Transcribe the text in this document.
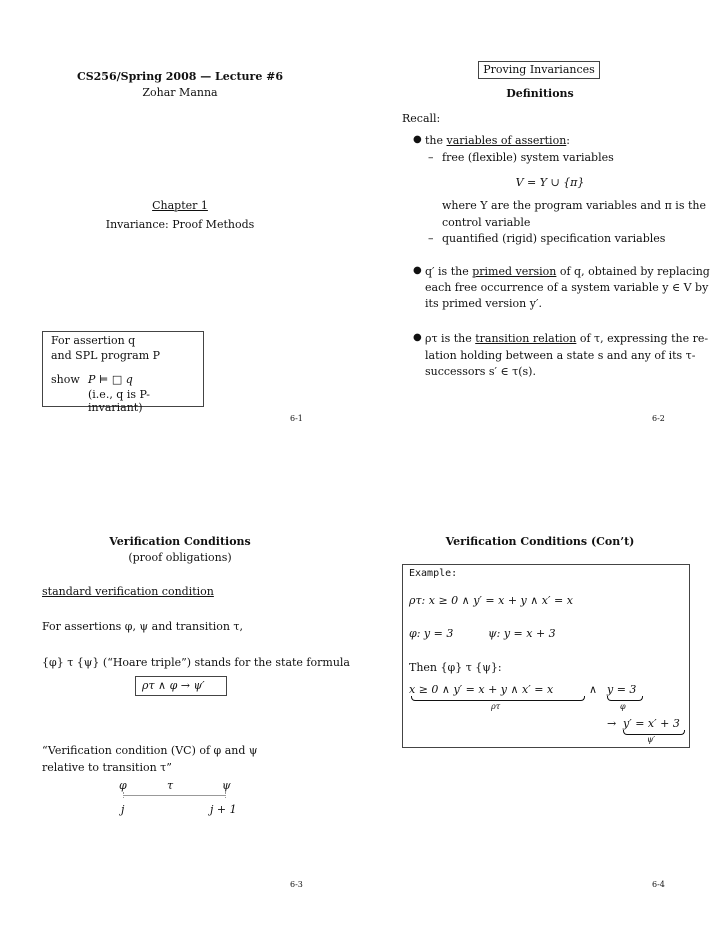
CS256/Spring 2008 — Lecture #6
Zohar Manna
Chapter 1
Invariance: Proof Methods
For assertion q
and SPL program P
show P ⊨ □ q
(i.e., q is P-invariant)
6-1
Proving Invariances
Definitions
Recall:
● the variables of assertion:
– free (flexible) system variables
V = Y ∪ {π}
where Y are the program variables and π is the
control variable
– quantified (rigid) specification variables
● q′ is the primed version of q, obtained by replacing
each free occurrence of a system variable y ∈ V by
its primed version y′.
● ρτ is the transition relation of τ, expressing the re-
lation holding between a state s and any of its τ-
successors s′ ∈ τ(s).
6-2
Verification Conditions
(proof obligations)
standard verification condition
For assertions φ, ψ and transition τ,
{φ} τ {ψ} (“Hoare triple”) stands for the state formula
ρτ ∧ φ → ψ′
“Verification condition (VC) of φ and ψ
relative to transition τ”
φ	τ	ψ
j	j + 1
6-3
Verification Conditions (Con’t)
Example:
ρτ: x ≥ 0 ∧ y′ = x + y ∧ x′ = x
φ: y = 3	ψ: y = x + 3
Then {φ} τ {ψ}:
x ≥ 0 ∧ y′ = x + y ∧ x′ = x
ρτ
∧ y = 3
φ
→ y′ = x′ + 3
ψ′
6-4
